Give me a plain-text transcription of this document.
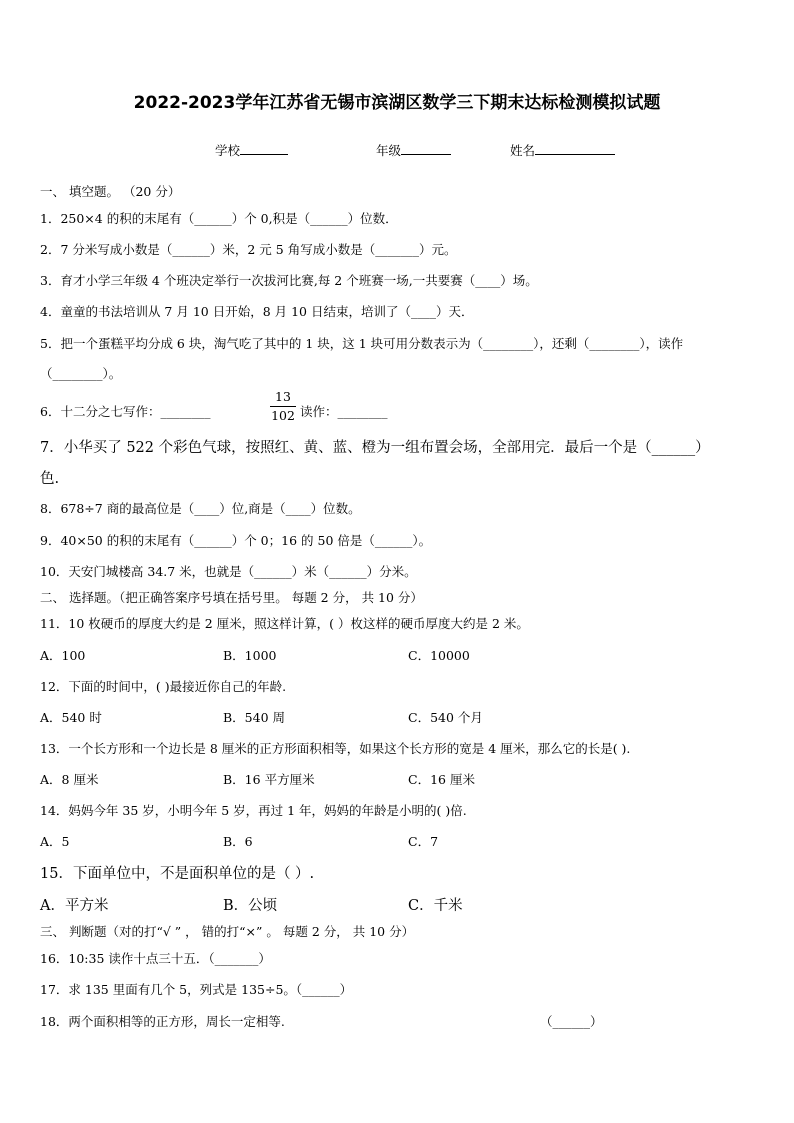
2022-2023学年江苏省无锡市滨湖区数学三下期末达标检测模拟试题
学校	年级	姓名
一、 填空题。 （20 分）
1．250×4 的积的末尾有（______）个 0,积是（______）位数．
2．7 分米写成小数是（______）米，2 元 5 角写成小数是（_______）元。
3．育才小学三年级 4 个班决定举行一次拔河比赛,每 2 个班赛一场,一共要赛（____）场。
4．童童的书法培训从 7 月 10 日开始，8 月 10 日结束，培训了（____）天．
5．把一个蛋糕平均分成 6 块，淘气吃了其中的 1 块，这 1 块可用分数表示为（________），还剩（________），读作
（________）。
6．十二分之七写作：________
13
102 读作：________
7．小华买了 522 个彩色气球，按照红、黄、蓝、橙为一组布置会场，全部用完．最后一个是（______）
色.
8．678÷7 商的最高位是（____）位,商是（____）位数。
9．40×50 的积的末尾有（______）个 0；16 的 50 倍是（______）。
10．天安门城楼高 34.7 米，也就是（______）米（______）分米。
二、 选择题。（把正确答案序号填在括号里。 每题 2 分， 共 10 分）
11．10 枚硬币的厚度大约是 2 厘米，照这样计算，( ）枚这样的硬币厚度大约是 2 米。
A．100	B．1000	C．10000
12．下面的时间中，( )最接近你自己的年龄.
A．540 时	B．540 周	C．540 个月
13．一个长方形和一个边长是 8 厘米的正方形面积相等，如果这个长方形的宽是 4 厘米，那么它的长是( ).
A．8 厘米	B．16 平方厘米	C．16 厘米
14．妈妈今年 35 岁，小明今年 5 岁，再过 1 年，妈妈的年龄是小明的( )倍.
A．5	B．6	C．7
15．下面单位中，不是面积单位的是（ ）.
A．平方米	B．公顷	C．千米
三、 判断题（对的打“√ ” ， 错的打“×” 。 每题 2 分， 共 10 分）
16．10:35 读作十点三十五．（_______）
17．求 135 里面有几个 5，列式是 135÷5。（______）
18．两个面积相等的正方形，周长一定相等.	（______）
